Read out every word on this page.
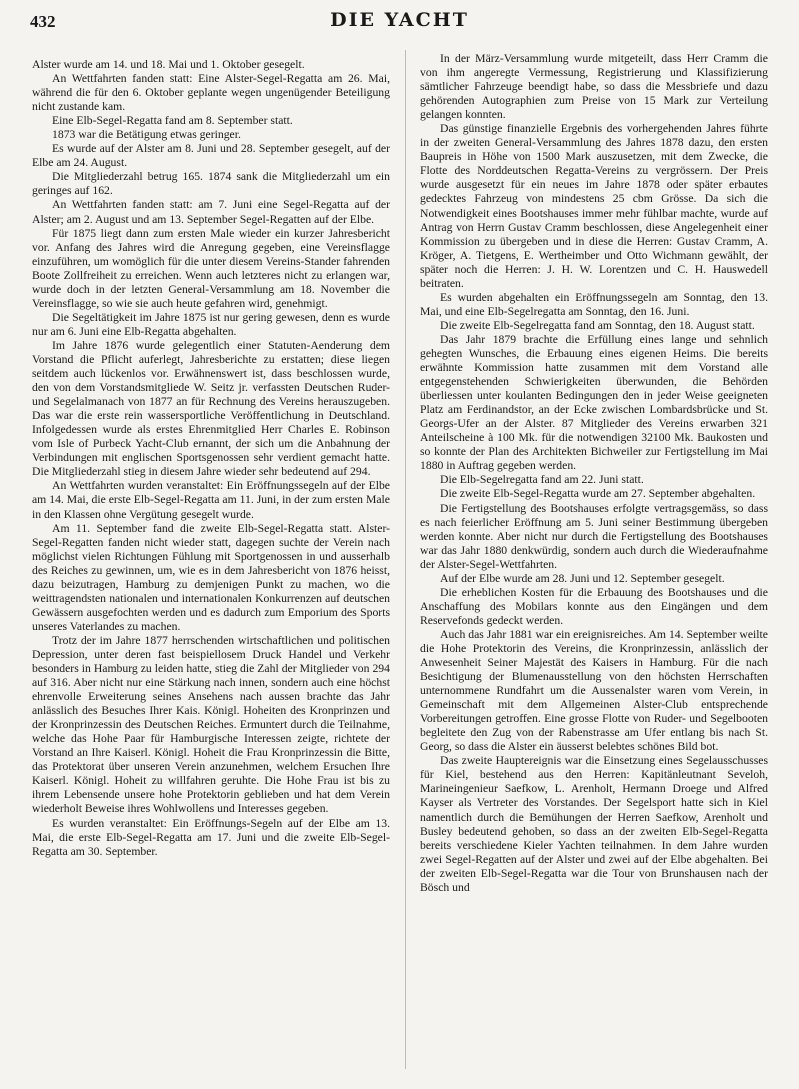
432	DIE YACHT

Alster wurde am 14. und 18. Mai und 1. Oktober gesegelt.

An Wettfahrten fanden statt: Eine Alster-Segel-Regatta am 26. Mai, während die für den 6. Oktober geplante wegen ungenügender Beteiligung nicht zustande kam.

Eine Elb-Segel-Regatta fand am 8. September statt.

1873 war die Betätigung etwas geringer.

Es wurde auf der Alster am 8. Juni und 28. September gesegelt, auf der Elbe am 24. August.

Die Mitgliederzahl betrug 165. 1874 sank die Mitgliederzahl um ein geringes auf 162.

An Wettfahrten fanden statt: am 7. Juni eine Segel-Regatta auf der Alster; am 2. August und am 13. September Segel-Regatten auf der Elbe.

Für 1875 liegt dann zum ersten Male wieder ein kurzer Jahresbericht vor. Anfang des Jahres wird die Anregung gegeben, eine Vereinsflagge einzuführen, um womöglich für die unter diesem Vereins-Stander fahrenden Boote Zollfreiheit zu erreichen. Wenn auch letzteres nicht zu erlangen war, wurde doch in der letzten General-Versammlung am 18. November die Vereinsflagge, so wie sie auch heute gefahren wird, genehmigt.

Die Segeltätigkeit im Jahre 1875 ist nur gering gewesen, denn es wurde nur am 6. Juni eine Elb-Regatta abgehalten.

Im Jahre 1876 wurde gelegentlich einer Statuten-Aenderung dem Vorstand die Pflicht auferlegt, Jahresberichte zu erstatten; diese liegen seitdem auch lückenlos vor. Erwähnenswert ist, dass beschlossen wurde, den von dem Vorstandsmitgliede W. Seitz jr. verfassten Deutschen Ruder- und Segelalmanach von 1877 an für Rechnung des Vereins herauszugeben. Das war die erste rein wassersportliche Veröffentlichung in Deutschland. Infolgedessen wurde als erstes Ehrenmitglied Herr Charles E. Robinson vom Isle of Purbeck Yacht-Club ernannt, der sich um die Anbahnung der Verbindungen mit englischen Sportsgenossen sehr verdient gemacht hatte. Die Mitgliederzahl stieg in diesem Jahre wieder sehr bedeutend auf 294.

An Wettfahrten wurden veranstaltet: Ein Eröffnungssegeln auf der Elbe am 14. Mai, die erste Elb-Segel-Regatta am 11. Juni, in der zum ersten Male in den Klassen ohne Vergütung gesegelt wurde.

Am 11. September fand die zweite Elb-Segel-Regatta statt. Alster-Segel-Regatten fanden nicht wieder statt, dagegen suchte der Verein nach möglichst vielen Richtungen Fühlung mit Sportgenossen in und ausserhalb des Reiches zu gewinnen, um, wie es in dem Jahresbericht von 1876 heisst, dazu beizutragen, Hamburg zu demjenigen Punkt zu machen, wo die weittragendsten nationalen und internationalen Konkurrenzen auf deutschen Gewässern ausgefochten werden und es dadurch zum Emporium des Sports unseres Vaterlandes zu machen.

Trotz der im Jahre 1877 herrschenden wirtschaftlichen und politischen Depression, unter deren fast beispiellosem Druck Handel und Verkehr besonders in Hamburg zu leiden hatte, stieg die Zahl der Mitglieder von 294 auf 316. Aber nicht nur eine Stärkung nach innen, sondern auch eine höchst ehrenvolle Erweiterung seines Ansehens nach aussen brachte das Jahr anlässlich des Besuches Ihrer Kais. Königl. Hoheiten des Kronprinzen und der Kronprinzessin des Deutschen Reiches. Ermuntert durch die Teilnahme, welche das Hohe Paar für Hamburgische Interessen zeigte, richtete der Vorstand an Ihre Kaiserl. Königl. Hoheit die Frau Kronprinzessin die Bitte, das Protektorat über unseren Verein anzunehmen, welchem Ersuchen Ihre Kaiserl. Königl. Hoheit zu willfahren geruhte. Die Hohe Frau ist bis zu ihrem Lebensende unsere hohe Protektorin geblieben und hat dem Verein wiederholt Beweise ihres Wohlwollens und Interesses gegeben.

Es wurden veranstaltet: Ein Eröffnungs-Segeln auf der Elbe am 13. Mai, die erste Elb-Segel-Regatta am 17. Juni und die zweite Elb-Segel-Regatta am 30. September.

In der März-Versammlung wurde mitgeteilt, dass Herr Cramm die von ihm angeregte Vermessung, Registrierung und Klassifizierung sämtlicher Fahrzeuge beendigt habe, so dass die Messbriefe und dazu gehörenden Autographien zum Preise von 15 Mark zur Verteilung gelangen konnten.

Das günstige finanzielle Ergebnis des vorhergehenden Jahres führte in der zweiten General-Versammlung des Jahres 1878 dazu, den ersten Baupreis in Höhe von 1500 Mark auszusetzen, mit dem Zwecke, die Flotte des Norddeutschen Regatta-Vereins zu vergrössern. Der Preis wurde ausgesetzt für ein neues im Jahre 1878 oder später erbautes gedecktes Fahrzeug von mindestens 25 cbm Grösse. Da sich die Notwendigkeit eines Bootshauses immer mehr fühlbar machte, wurde auf Antrag von Herrn Gustav Cramm beschlossen, diese Angelegenheit einer Kommission zu übergeben und in diese die Herren: Gustav Cramm, A. Kröger, A. Tietgens, E. Wertheimber und Otto Wichmann gewählt, der später noch die Herren: J. H. W. Lorentzen und C. H. Hauswedell beitraten.

Es wurden abgehalten ein Eröffnungssegeln am Sonntag, den 13. Mai, und eine Elb-Segelregatta am Sonntag, den 16. Juni.

Die zweite Elb-Segelregatta fand am Sonntag, den 18. August statt.

Das Jahr 1879 brachte die Erfüllung eines lange und sehnlich gehegten Wunsches, die Erbauung eines eigenen Heims. Die bereits erwähnte Kommission hatte zusammen mit dem Vorstand alle entgegenstehenden Schwierigkeiten überwunden, die Behörden überliessen unter koulanten Bedingungen den in jeder Weise geeigneten Platz am Ferdinandstor, an der Ecke zwischen Lombardsbrücke und St. Georgs-Ufer an der Alster. 87 Mitglieder des Vereins erwarben 321 Anteilscheine à 100 Mk. für die notwendigen 32100 Mk. Baukosten und so konnte der Plan des Architekten Bichweiler zur Fertigstellung im Mai 1880 in Auftrag gegeben werden.

Die Elb-Segelregatta fand am 22. Juni statt.

Die zweite Elb-Segel-Regatta wurde am 27. September abgehalten.

Die Fertigstellung des Bootshauses erfolgte vertragsgemäss, so dass es nach feierlicher Eröffnung am 5. Juni seiner Bestimmung übergeben werden konnte. Aber nicht nur durch die Fertigstellung des Bootshauses war das Jahr 1880 denkwürdig, sondern auch durch die Wiederaufnahme der Alster-Segel-Wettfahrten.

Auf der Elbe wurde am 28. Juni und 12. September gesegelt.

Die erheblichen Kosten für die Erbauung des Bootshauses und die Anschaffung des Mobilars konnte aus den Eingängen und dem Reservefonds gedeckt werden.

Auch das Jahr 1881 war ein ereignisreiches. Am 14. September weilte die Hohe Protektorin des Vereins, die Kronprinzessin, anlässlich der Anwesenheit Seiner Majestät des Kaisers in Hamburg. Für die nach Besichtigung der Blumenausstellung von den höchsten Herrschaften unternommene Rundfahrt um die Aussenalster waren vom Verein, in Gemeinschaft mit dem Allgemeinen Alster-Club entsprechende Vorbereitungen getroffen. Eine grosse Flotte von Ruder- und Segelbooten begleitete den Zug von der Rabenstrasse am Ufer entlang bis nach St. Georg, so dass die Alster ein äusserst belebtes schönes Bild bot.

Das zweite Hauptereignis war die Einsetzung eines Segelausschusses für Kiel, bestehend aus den Herren: Kapitänleutnant Seveloh, Marineingenieur Saefkow, L. Arenholt, Hermann Droege und Alfred Kayser als Vertreter des Vorstandes. Der Segelsport hatte sich in Kiel namentlich durch die Bemühungen der Herren Saefkow, Arenholt und Busley bedeutend gehoben, so dass an der zweiten Elb-Segel-Regatta bereits verschiedene Kieler Yachten teilnahmen. In dem Jahre wurden zwei Segel-Regatten auf der Alster und zwei auf der Elbe abgehalten. Bei der zweiten Elb-Segel-Regatta war die Tour von Brunshausen nach der Bösch und
